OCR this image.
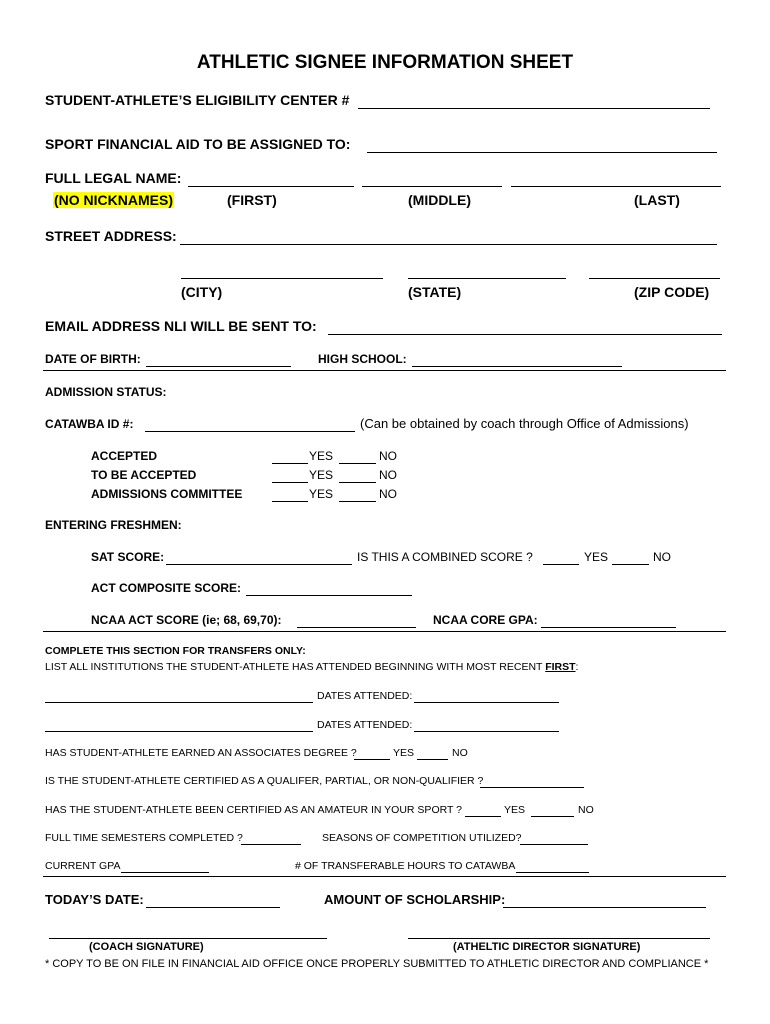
ATHLETIC SIGNEE INFORMATION SHEET
STUDENT-ATHLETE’S ELIGIBILITY CENTER #
SPORT FINANCIAL AID TO BE ASSIGNED TO:
FULL LEGAL NAME:
(NO NICKNAMES)	(FIRST)	(MIDDLE)	(LAST)
STREET ADDRESS:
(CITY)	(STATE)	(ZIP CODE)
EMAIL ADDRESS NLI WILL BE SENT TO:
DATE OF BIRTH:	HIGH SCHOOL:
ADMISSION STATUS:
CATAWBA ID #:	(Can be obtained by coach through Office of Admissions)
ACCEPTED	YES	NO
TO BE ACCEPTED	YES	NO
ADMISSIONS COMMITTEE	YES	NO
ENTERING FRESHMEN:
SAT SCORE:	IS THIS A COMBINED SCORE ?	YES	NO
ACT COMPOSITE SCORE:
NCAA ACT SCORE (ie; 68, 69,70):	NCAA CORE GPA:
COMPLETE THIS SECTION FOR TRANSFERS ONLY:
LIST ALL INSTITUTIONS THE STUDENT-ATHLETE HAS ATTENDED BEGINNING WITH MOST RECENT FIRST:
DATES ATTENDED:
DATES ATTENDED:
HAS STUDENT-ATHLETE EARNED AN ASSOCIATES DEGREE ?	YES	NO
IS THE STUDENT-ATHLETE CERTIFIED AS A QUALIFER, PARTIAL, OR NON-QUALIFIER ?
HAS THE STUDENT-ATHLETE BEEN CERTIFIED AS AN AMATEUR IN YOUR SPORT ?	YES	NO
FULL TIME SEMESTERS COMPLETED ?	SEASONS OF COMPETITION UTILIZED?
CURRENT GPA	# OF TRANSFERABLE HOURS TO CATAWBA
TODAY’S DATE:	AMOUNT OF SCHOLARSHIP:
(COACH SIGNATURE)	(ATHELTIC DIRECTOR SIGNATURE)
* COPY TO BE ON FILE IN FINANCIAL AID OFFICE ONCE PROPERLY SUBMITTED TO ATHLETIC DIRECTOR AND COMPLIANCE *
